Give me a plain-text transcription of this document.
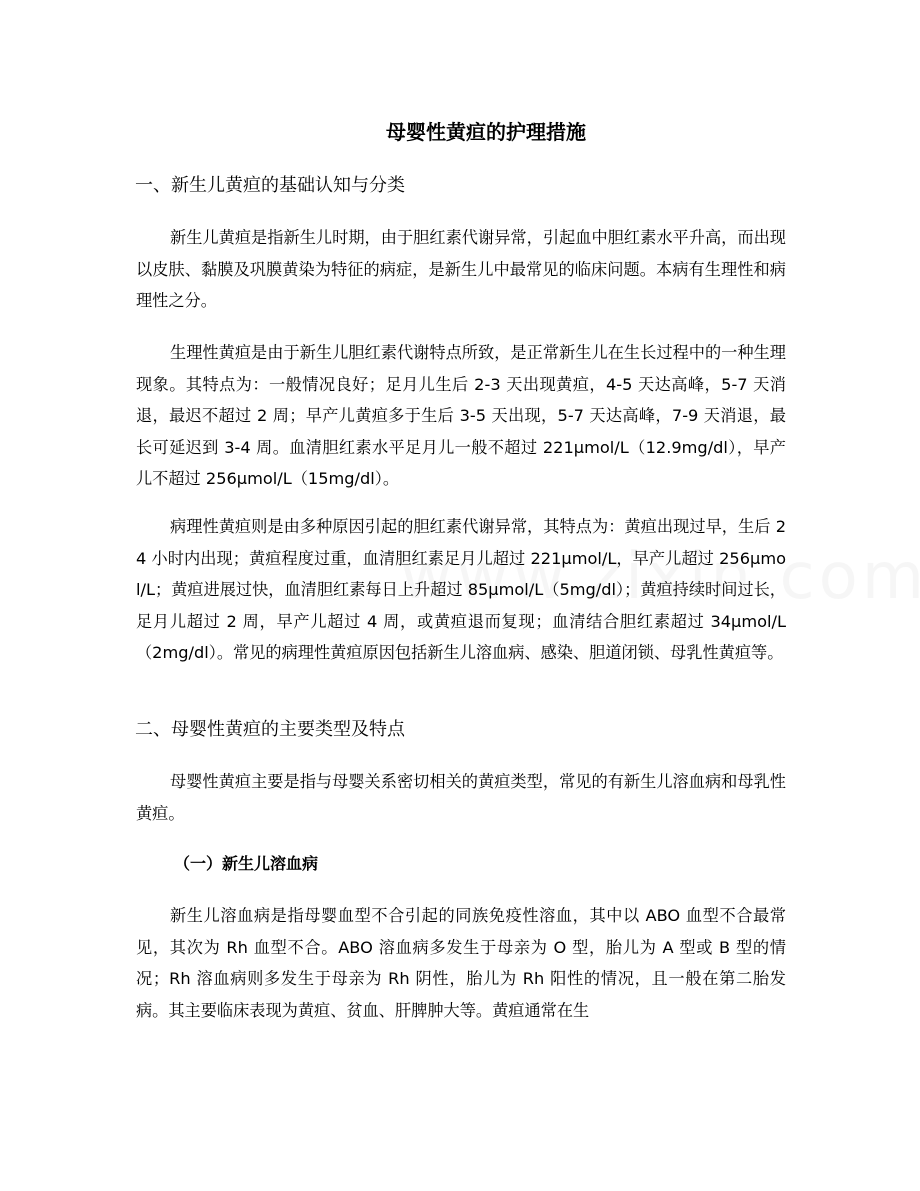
母婴性黄疸的护理措施
一、新生儿黄疸的基础认知与分类

新生儿黄疸是指新生儿时期，由于胆红素代谢异常，引起血中胆红素水平升高，而出现以皮肤、黏膜及巩膜黄染为特征的病症，是新生儿中最常见的临床问题。本病有生理性和病理性之分。

生理性黄疸是由于新生儿胆红素代谢特点所致，是正常新生儿在生长过程中的一种生理现象。其特点为：一般情况良好；足月儿生后 2-3 天出现黄疸，4-5 天达高峰，5-7 天消退，最迟不超过 2 周；早产儿黄疸多于生后 3-5 天出现，5-7 天达高峰，7-9 天消退，最长可延迟到 3-4 周。血清胆红素水平足月儿一般不超过 221μmol/L（12.9mg/dl），早产儿不超过 256μmol/L（15mg/dl）。

病理性黄疸则是由多种原因引起的胆红素代谢异常，其特点为：黄疸出现过早，生后 24 小时内出现；黄疸程度过重，血清胆红素足月儿超过 221μmol/L，早产儿超过 256μmol/L；黄疸进展过快，血清胆红素每日上升超过 85μmol/L（5mg/dl）；黄疸持续时间过长，足月儿超过 2 周，早产儿超过 4 周，或黄疸退而复现；血清结合胆红素超过 34μmol/L（2mg/dl）。常见的病理性黄疸原因包括新生儿溶血病、感染、胆道闭锁、母乳性黄疸等。

二、母婴性黄疸的主要类型及特点

母婴性黄疸主要是指与母婴关系密切相关的黄疸类型，常见的有新生儿溶血病和母乳性黄疸。

（一）新生儿溶血病

新生儿溶血病是指母婴血型不合引起的同族免疫性溶血，其中以 ABO 血型不合最常见，其次为 Rh 血型不合。ABO 溶血病多发生于母亲为 O 型，胎儿为 A 型或 B 型的情况；Rh 溶血病则多发生于母亲为 Rh 阴性，胎儿为 Rh 阳性的情况，且一般在第二胎发病。其主要临床表现为黄疸、贫血、肝脾肿大等。黄疸通常在生
